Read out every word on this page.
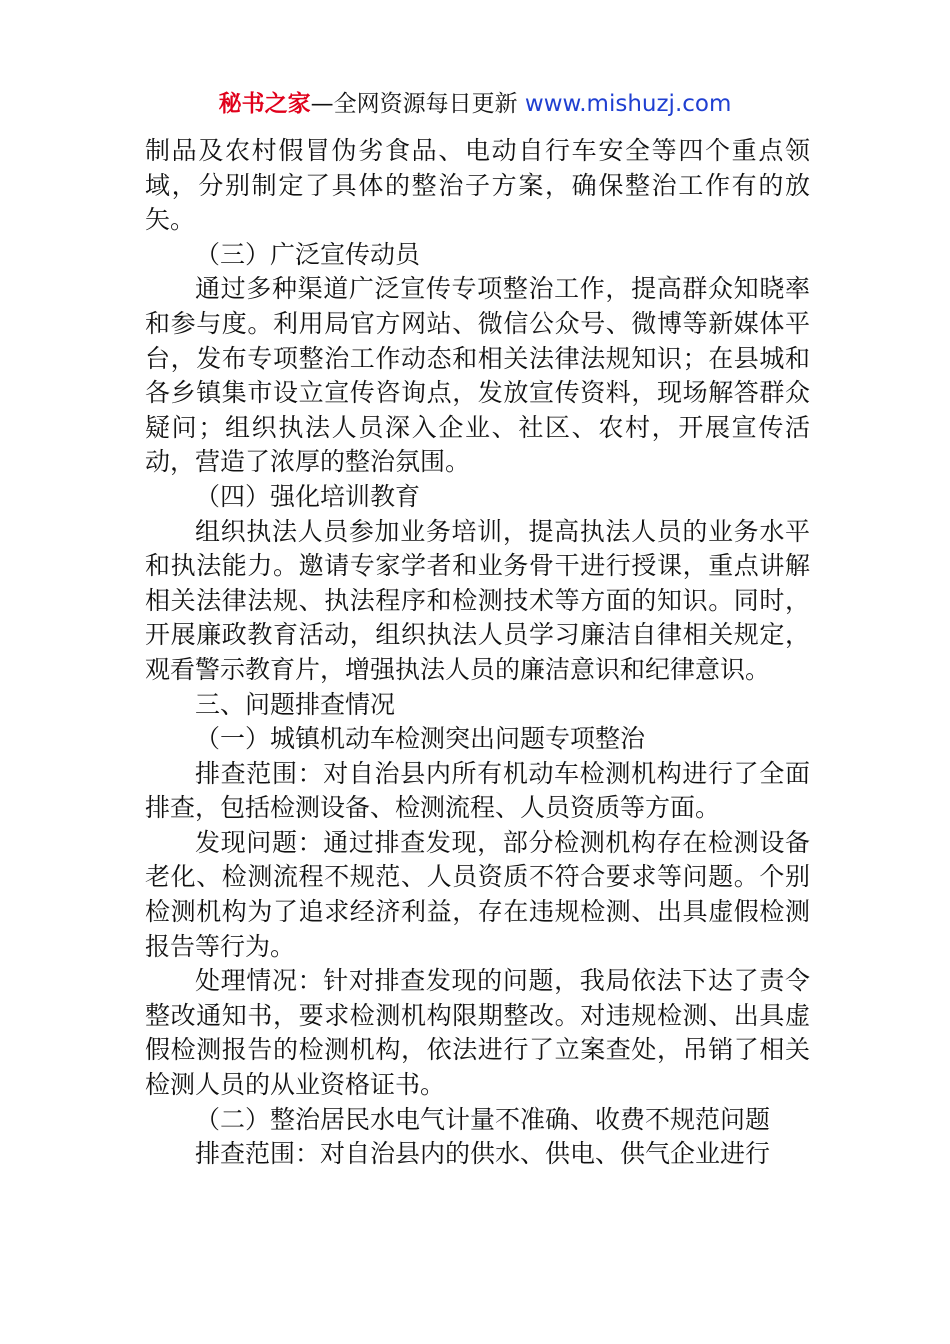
秘书之家—全网资源每日更新 www.mishuzj.com

制品及农村假冒伪劣食品、电动自行车安全等四个重点领域，分别制定了具体的整治子方案，确保整治工作有的放矢。

（三）广泛宣传动员

通过多种渠道广泛宣传专项整治工作，提高群众知晓率和参与度。利用局官方网站、微信公众号、微博等新媒体平台，发布专项整治工作动态和相关法律法规知识；在县城和各乡镇集市设立宣传咨询点，发放宣传资料，现场解答群众疑问；组织执法人员深入企业、社区、农村，开展宣传活动，营造了浓厚的整治氛围。

（四）强化培训教育

组织执法人员参加业务培训，提高执法人员的业务水平和执法能力。邀请专家学者和业务骨干进行授课，重点讲解相关法律法规、执法程序和检测技术等方面的知识。同时，开展廉政教育活动，组织执法人员学习廉洁自律相关规定，观看警示教育片，增强执法人员的廉洁意识和纪律意识。

三、问题排查情况

（一）城镇机动车检测突出问题专项整治

排查范围：对自治县内所有机动车检测机构进行了全面排查，包括检测设备、检测流程、人员资质等方面。

发现问题：通过排查发现，部分检测机构存在检测设备老化、检测流程不规范、人员资质不符合要求等问题。个别检测机构为了追求经济利益，存在违规检测、出具虚假检测报告等行为。

处理情况：针对排查发现的问题，我局依法下达了责令整改通知书，要求检测机构限期整改。对违规检测、出具虚假检测报告的检测机构，依法进行了立案查处，吊销了相关检测人员的从业资格证书。

（二）整治居民水电气计量不准确、收费不规范问题

排查范围：对自治县内的供水、供电、供气企业进行
